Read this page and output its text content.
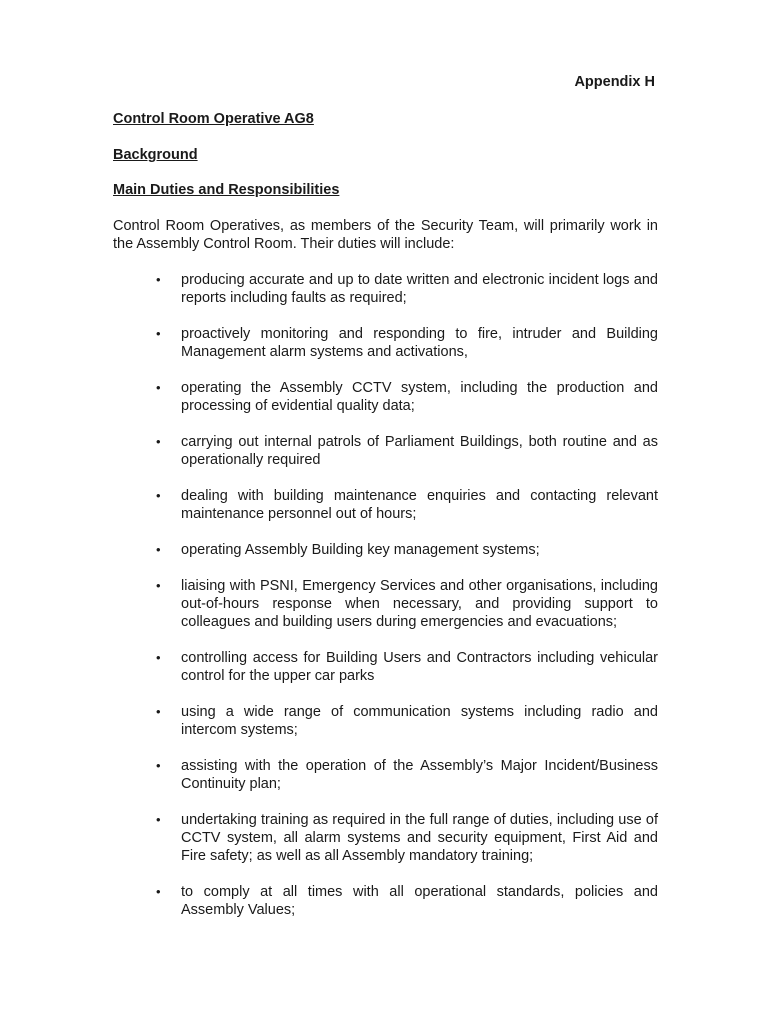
Appendix H
Control Room Operative AG8
Background
Main Duties and Responsibilities

Control Room Operatives, as members of the Security Team, will primarily work in the Assembly Control Room. Their duties will include:

• producing accurate and up to date written and electronic incident logs and reports including faults as required;
• proactively monitoring and responding to fire, intruder and Building Management alarm systems and activations,
• operating the Assembly CCTV system, including the production and processing of evidential quality data;
• carrying out internal patrols of Parliament Buildings, both routine and as operationally required
• dealing with building maintenance enquiries and contacting relevant maintenance personnel out of hours;
• operating Assembly Building key management systems;
• liaising with PSNI, Emergency Services and other organisations, including out-of-hours response when necessary, and providing support to colleagues and building users during emergencies and evacuations;
• controlling access for Building Users and Contractors including vehicular control for the upper car parks
• using a wide range of communication systems including radio and intercom systems;
• assisting with the operation of the Assembly’s Major Incident/Business Continuity plan;
• undertaking training as required in the full range of duties, including use of CCTV system, all alarm systems and security equipment, First Aid and Fire safety; as well as all Assembly mandatory training;
• to comply at all times with all operational standards, policies and Assembly Values;
